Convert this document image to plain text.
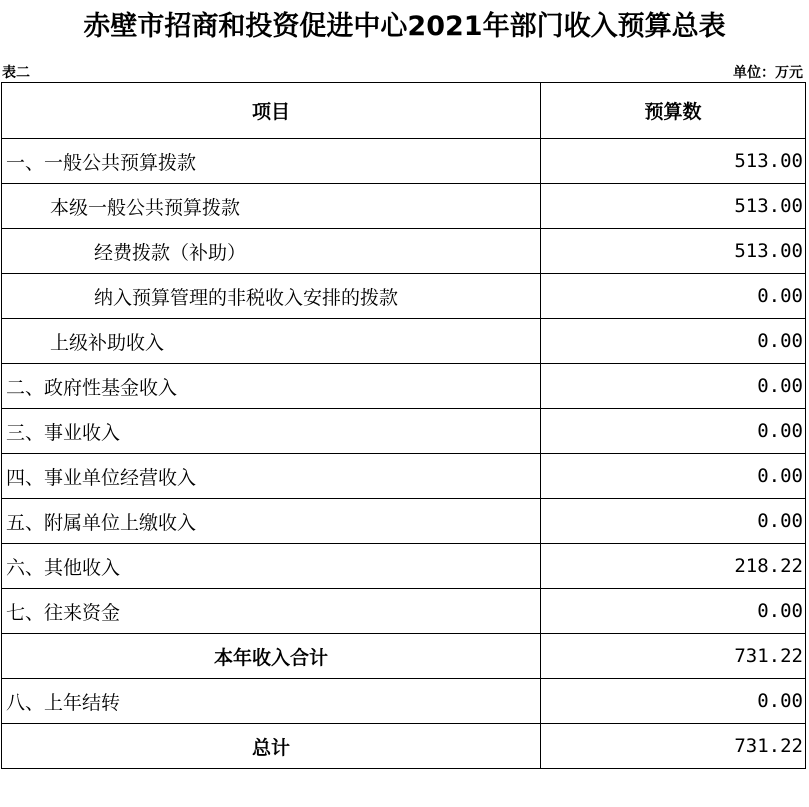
赤壁市招商和投资促进中心2021年部门收入预算总表
表二	单位：万元
项目	预算数
一、一般公共预算拨款	513.00
本级一般公共预算拨款	513.00
经费拨款（补助）	513.00
纳入预算管理的非税收入安排的拨款	0.00
上级补助收入	0.00
二、政府性基金收入	0.00
三、事业收入	0.00
四、事业单位经营收入	0.00
五、附属单位上缴收入	0.00
六、其他收入	218.22
七、往来资金	0.00
本年收入合计	731.22
八、上年结转	0.00
总计	731.22
